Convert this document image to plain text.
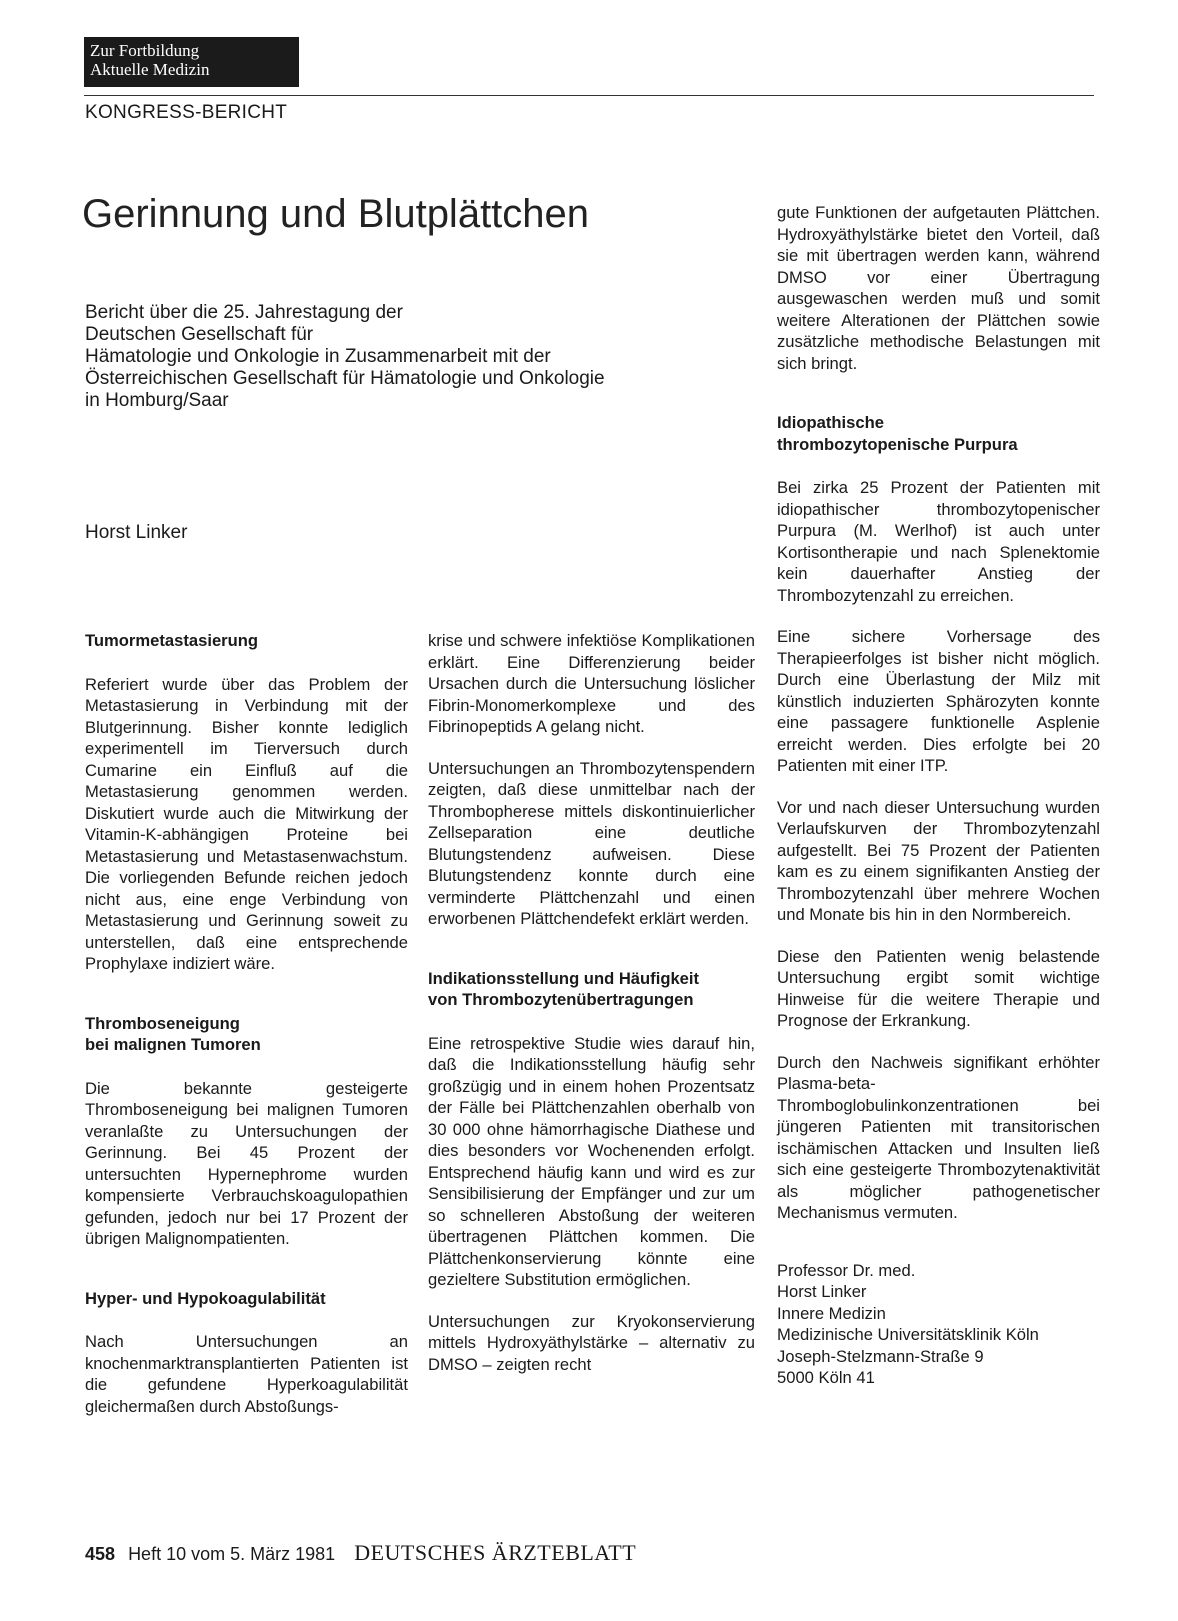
Zur Fortbildung
Aktuelle Medizin
KONGRESS-BERICHT
Gerinnung und Blutplättchen
Bericht über die 25. Jahrestagung der
Deutschen Gesellschaft für
Hämatologie und Onkologie in Zusammenarbeit mit der
Österreichischen Gesellschaft für Hämatologie und Onkologie
in Homburg/Saar
Horst Linker
Tumormetastasierung

Referiert wurde über das Problem der Metastasierung in Verbindung mit der Blutgerinnung. Bisher konnte lediglich experimentell im Tierversuch durch Cumarine ein Einfluß auf die Metastasierung genommen werden. Diskutiert wurde auch die Mitwirkung der Vitamin-K-abhängigen Proteine bei Metastasierung und Metastasenwachstum. Die vorliegenden Befunde reichen jedoch nicht aus, eine enge Verbindung von Metastasierung und Gerinnung soweit zu unterstellen, daß eine entsprechende Prophylaxe indiziert wäre.

Thromboseneigung
bei malignen Tumoren

Die bekannte gesteigerte Thromboseneigung bei malignen Tumoren veranlaßte zu Untersuchungen der Gerinnung. Bei 45 Prozent der untersuchten Hypernephrome wurden kompensierte Verbrauchskoagulopathien gefunden, jedoch nur bei 17 Prozent der übrigen Malignompatienten.

Hyper- und Hypokoagulabilität

Nach Untersuchungen an knochenmarktransplantierten Patienten ist die gefundene Hyperkoagulabilität gleichermaßen durch Abstoßungs-

krise und schwere infektiöse Komplikationen erklärt. Eine Differenzierung beider Ursachen durch die Untersuchung löslicher Fibrin-Monomerkomplexe und des Fibrinopeptids A gelang nicht.

Untersuchungen an Thrombozytenspendern zeigten, daß diese unmittelbar nach der Thrombopherese mittels diskontinuierlicher Zellseparation eine deutliche Blutungstendenz aufweisen. Diese Blutungstendenz konnte durch eine verminderte Plättchenzahl und einen erworbenen Plättchendefekt erklärt werden.

Indikationsstellung und Häufigkeit
von Thrombozytenübertragungen

Eine retrospektive Studie wies darauf hin, daß die Indikationsstellung häufig sehr großzügig und in einem hohen Prozentsatz der Fälle bei Plättchenzahlen oberhalb von 30 000 ohne hämorrhagische Diathese und dies besonders vor Wochenenden erfolgt. Entsprechend häufig kann und wird es zur Sensibilisierung der Empfänger und zur um so schnelleren Abstoßung der weiteren übertragenen Plättchen kommen. Die Plättchenkonservierung könnte eine gezieltere Substitution ermöglichen.

Untersuchungen zur Kryokonservierung mittels Hydroxyäthylstärke – alternativ zu DMSO – zeigten recht

gute Funktionen der aufgetauten Plättchen. Hydroxyäthylstärke bietet den Vorteil, daß sie mit übertragen werden kann, während DMSO vor einer Übertragung ausgewaschen werden muß und somit weitere Alterationen der Plättchen sowie zusätzliche methodische Belastungen mit sich bringt.

Idiopathische
thrombozytopenische Purpura

Bei zirka 25 Prozent der Patienten mit idiopathischer thrombozytopenischer Purpura (M. Werlhof) ist auch unter Kortisontherapie und nach Splenektomie kein dauerhafter Anstieg der Thrombozytenzahl zu erreichen.

Eine sichere Vorhersage des Therapieerfolges ist bisher nicht möglich. Durch eine Überlastung der Milz mit künstlich induzierten Sphärozyten konnte eine passagere funktionelle Asplenie erreicht werden. Dies erfolgte bei 20 Patienten mit einer ITP.

Vor und nach dieser Untersuchung wurden Verlaufskurven der Thrombozytenzahl aufgestellt. Bei 75 Prozent der Patienten kam es zu einem signifikanten Anstieg der Thrombozytenzahl über mehrere Wochen und Monate bis hin in den Normbereich.

Diese den Patienten wenig belastende Untersuchung ergibt somit wichtige Hinweise für die weitere Therapie und Prognose der Erkrankung.

Durch den Nachweis signifikant erhöhter Plasma-beta-Thromboglobulinkonzentrationen bei jüngeren Patienten mit transitorischen ischämischen Attacken und Insulten ließ sich eine gesteigerte Thrombozytenaktivität als möglicher pathogenetischer Mechanismus vermuten.

Professor Dr. med.
Horst Linker
Innere Medizin
Medizinische Universitätsklinik Köln
Joseph-Stelzmann-Straße 9
5000 Köln 41
458 Heft 10 vom 5. März 1981 DEUTSCHES ÄRZTEBLATT
